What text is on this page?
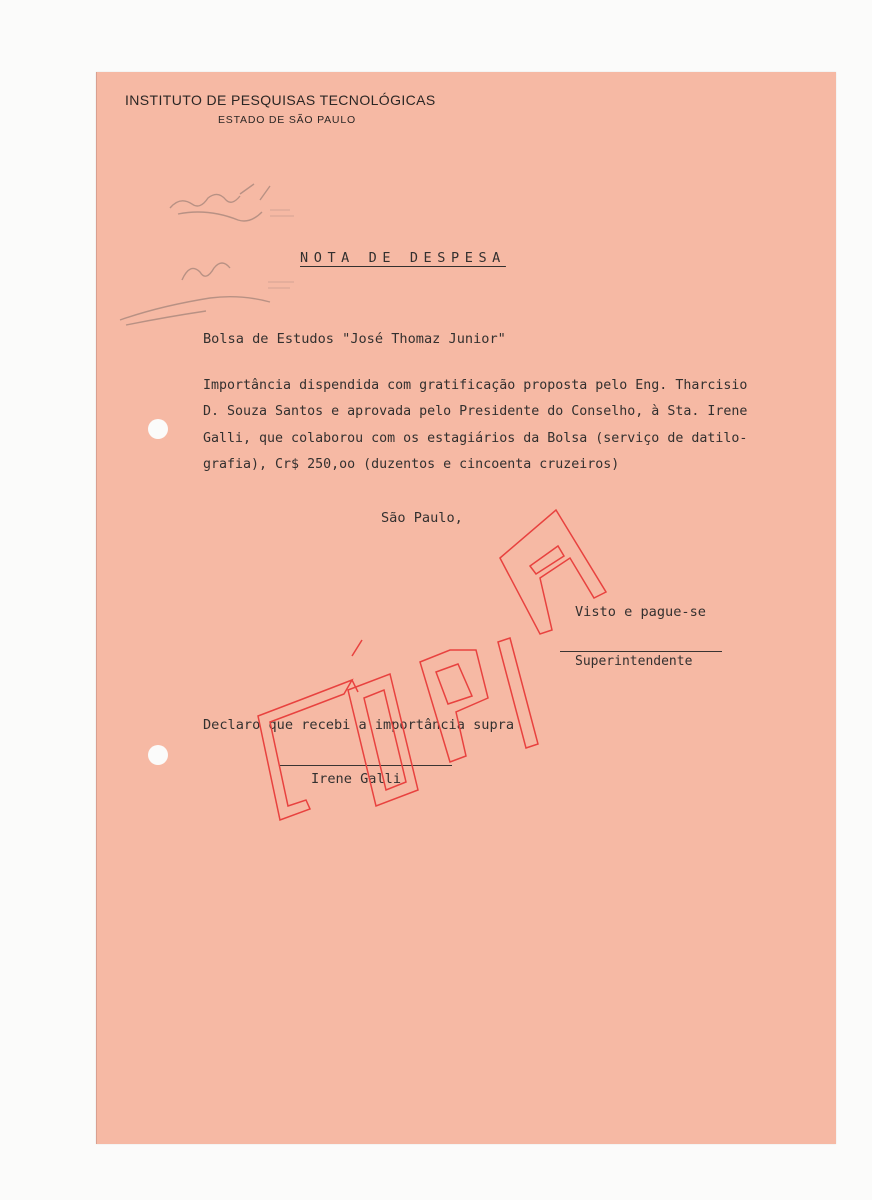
INSTITUTO DE PESQUISAS TECNOLÓGICAS
ESTADO DE SÃO PAULO
NOTA DE DESPESA
Bolsa de Estudos "José Thomaz Junior"
Importância dispendida com gratificação proposta pelo Eng. Tharcisio
D. Souza Santos e aprovada pelo Presidente do Conselho, à Sta. Irene
Galli, que colaborou com os estagiários da Bolsa (serviço de datilo-
grafia), Cr$ 250,oo (duzentos e cincoenta cruzeiros)
São Paulo,
Visto e pague-se
Superintendente
Declaro que recebi a importância supra
Irene Galli
